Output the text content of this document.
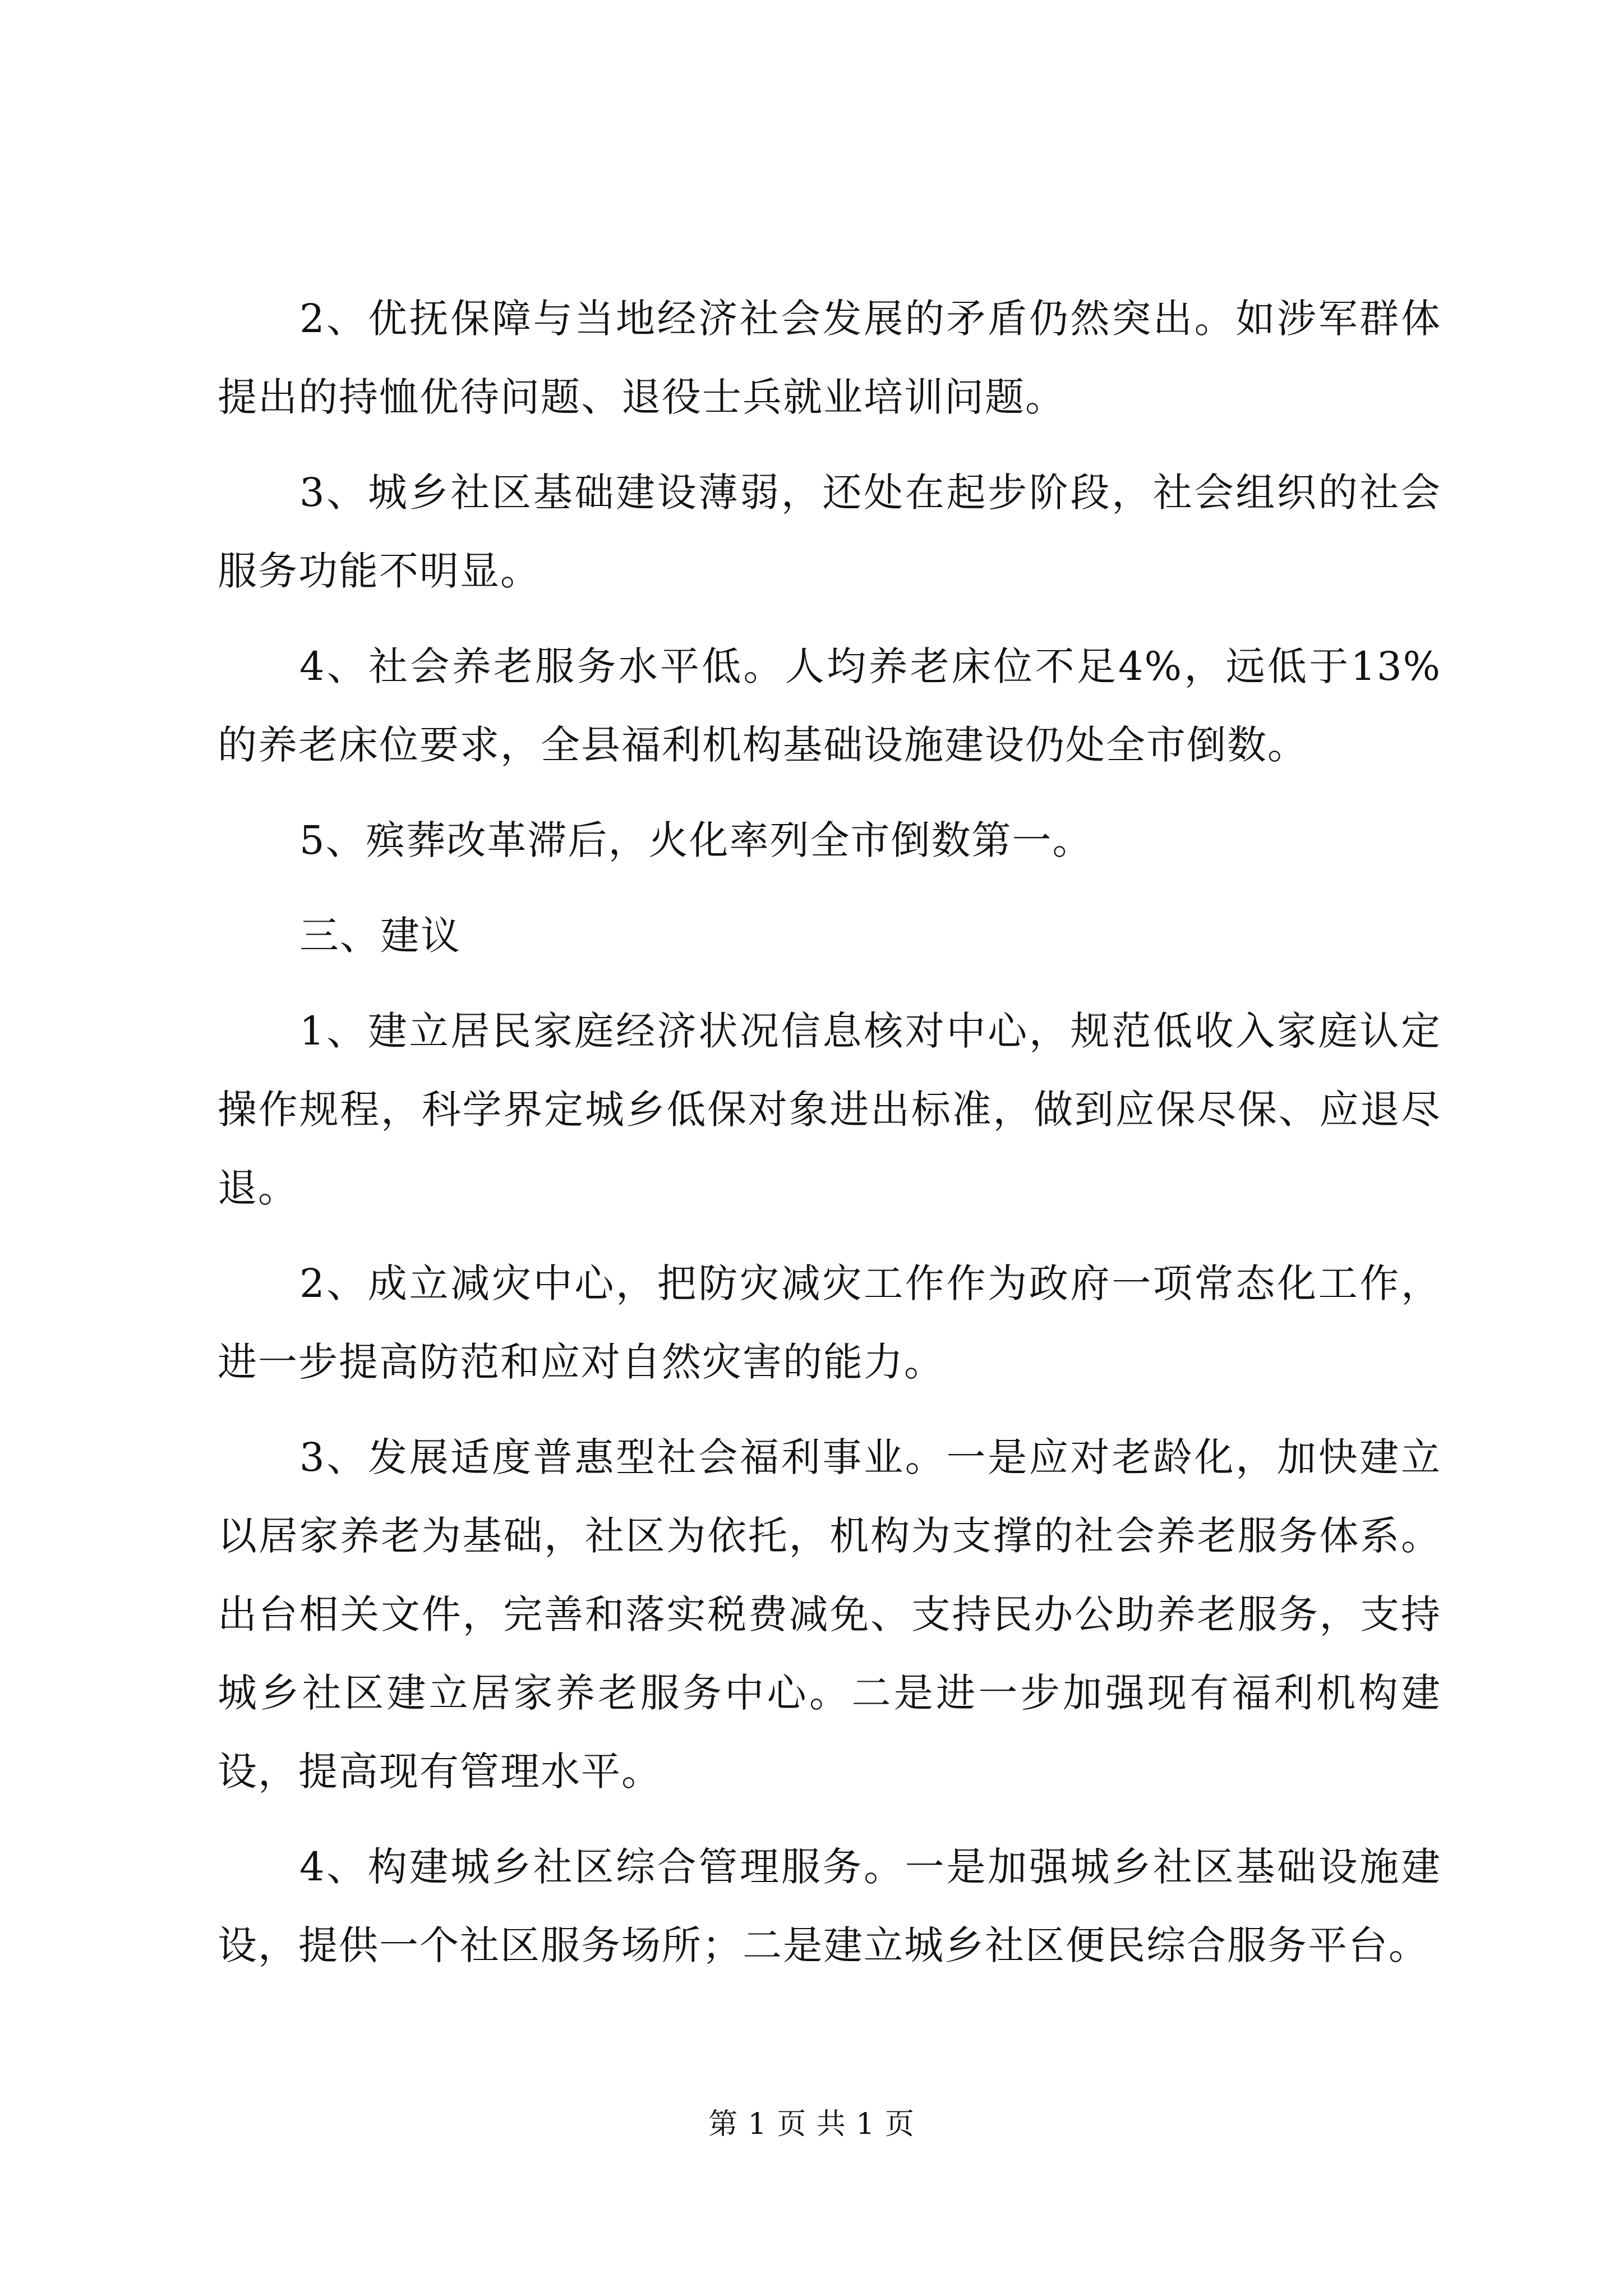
2、优抚保障与当地经济社会发展的矛盾仍然突出。如涉军群体提出的持恤优待问题、退役士兵就业培训问题。

3、城乡社区基础建设薄弱，还处在起步阶段，社会组织的社会服务功能不明显。

4、社会养老服务水平低。人均养老床位不足4%，远低于13%的养老床位要求，全县福利机构基础设施建设仍处全市倒数。

5、殡葬改革滞后，火化率列全市倒数第一。

三、建议

1、建立居民家庭经济状况信息核对中心，规范低收入家庭认定操作规程，科学界定城乡低保对象进出标准，做到应保尽保、应退尽退。

2、成立减灾中心，把防灾减灾工作作为政府一项常态化工作，进一步提高防范和应对自然灾害的能力。

3、发展适度普惠型社会福利事业。一是应对老龄化，加快建立以居家养老为基础，社区为依托，机构为支撑的社会养老服务体系。出台相关文件，完善和落实税费减免、支持民办公助养老服务，支持城乡社区建立居家养老服务中心。二是进一步加强现有福利机构建设，提高现有管理水平。

4、构建城乡社区综合管理服务。一是加强城乡社区基础设施建设，提供一个社区服务场所；二是建立城乡社区便民综合服务平台。

第 1 页 共 1 页
